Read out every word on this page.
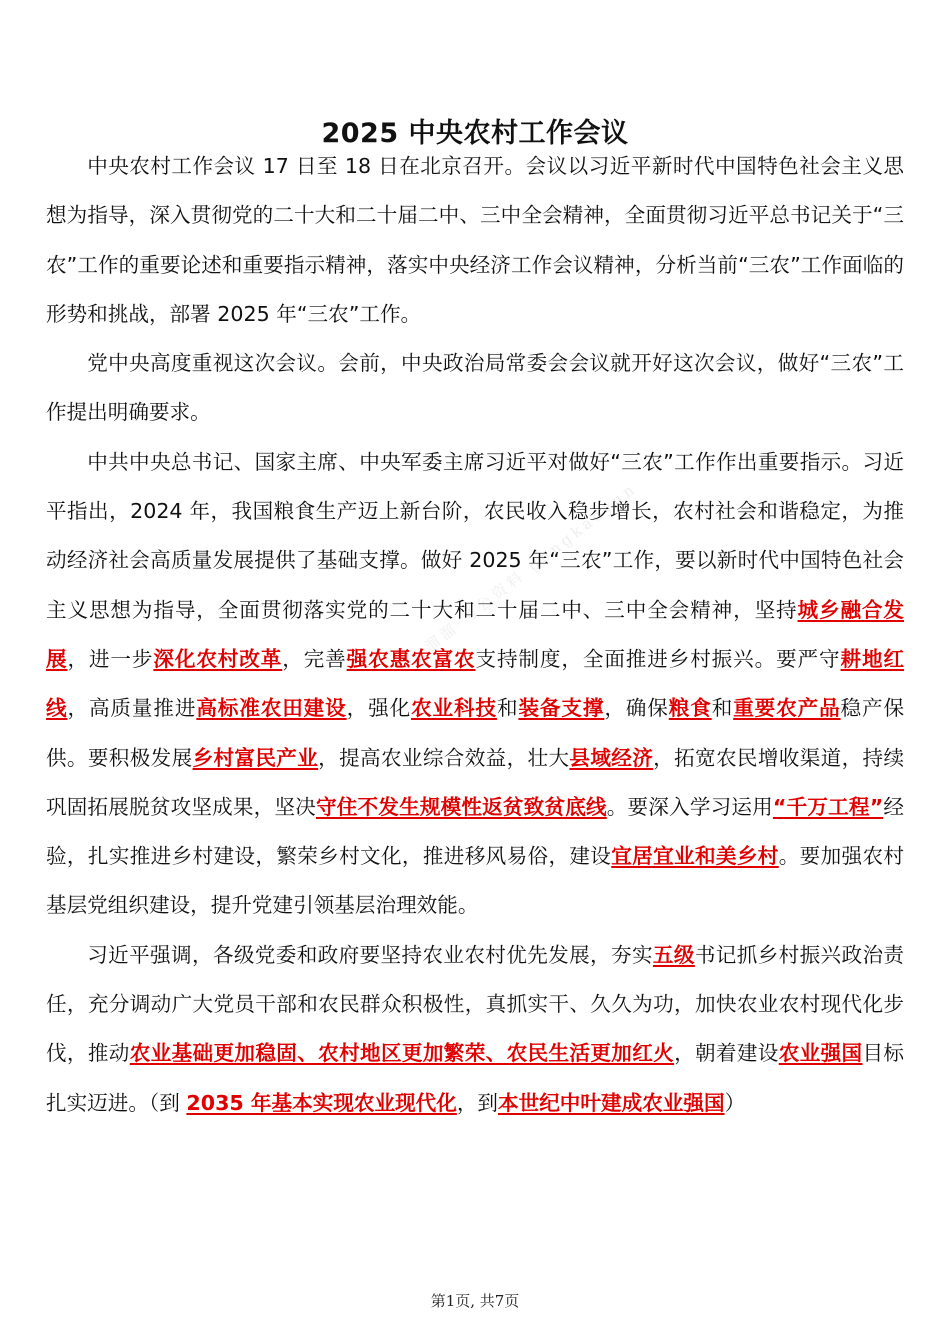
2025 中央农村工作会议

中央农村工作会议 17 日至 18 日在北京召开。会议以习近平新时代中国特色社会主义思想为指导，深入贯彻党的二十大和二十届二中、三中全会精神，全面贯彻习近平总书记关于“三农”工作的重要论述和重要指示精神，落实中央经济工作会议精神，分析当前“三农”工作面临的形势和挑战，部署 2025 年“三农”工作。

党中央高度重视这次会议。会前，中央政治局常委会会议就开好这次会议，做好“三农”工作提出明确要求。

中共中央总书记、国家主席、中央军委主席习近平对做好“三农”工作作出重要指示。习近平指出，2024 年，我国粮食生产迈上新台阶，农民收入稳步增长，农村社会和谐稳定，为推动经济社会高质量发展提供了基础支撑。做好 2025 年“三农”工作，要以新时代中国特色社会主义思想为指导，全面贯彻落实党的二十大和二十届二中、三中全会精神，坚持城乡融合发展，进一步深化农村改革，完善强农惠农富农支持制度，全面推进乡村振兴。要严守耕地红线，高质量推进高标准农田建设，强化农业科技和装备支撑，确保粮食和重要农产品稳产保供。要积极发展乡村富民产业，提高农业综合效益，壮大县域经济，拓宽农民增收渠道，持续巩固拓展脱贫攻坚成果，坚决守住不发生规模性返贫致贫底线。要深入学习运用“千万工程”经验，扎实推进乡村建设，繁荣乡村文化，推进移风易俗，建设宜居宜业和美乡村。要加强农村基层党组织建设，提升党建引领基层治理效能。

习近平强调，各级党委和政府要坚持农业农村优先发展，夯实五级书记抓乡村振兴政治责任，充分调动广大党员干部和农民群众积极性，真抓实干、久久为功，加快农业农村现代化步伐，推动农业基础更加稳固、农村地区更加繁荣、农民生活更加红火，朝着建设农业强国目标扎实迈进。（到 2035 年基本实现农业现代化，到本世纪中叶建成农业强国）

溜溜·考公资料 gongkaoyun
第1页, 共7页
